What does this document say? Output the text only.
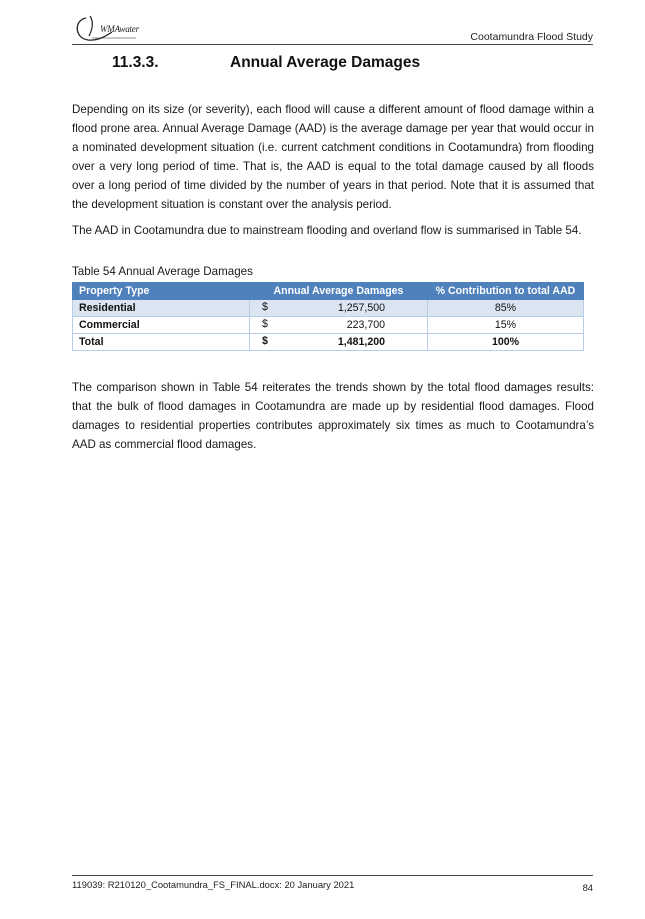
WMAwater
Cootamundra Flood Study
11.3.3.	Annual Average Damages

Depending on its size (or severity), each flood will cause a different amount of flood damage within a flood prone area. Annual Average Damage (AAD) is the average damage per year that would occur in a nominated development situation (i.e. current catchment conditions in Cootamundra) from flooding over a very long period of time. That is, the AAD is equal to the total damage caused by all floods over a long period of time divided by the number of years in that period. Note that it is assumed that the development situation is constant over the analysis period.

The AAD in Cootamundra due to mainstream flooding and overland flow is summarised in Table 54.

Table 54 Annual Average Damages
Property Type	Annual Average Damages	% Contribution to total AAD
Residential	$ 1,257,500	85%
Commercial	$ 223,700	15%
Total	$ 1,481,200	100%

The comparison shown in Table 54 reiterates the trends shown by the total flood damages results: that the bulk of flood damages in Cootamundra are made up by residential flood damages. Flood damages to residential properties contributes approximately six times as much to Cootamundra’s AAD as commercial flood damages.

119039: R210120_Cootamundra_FS_FINAL.docx: 20 January 2021	84
